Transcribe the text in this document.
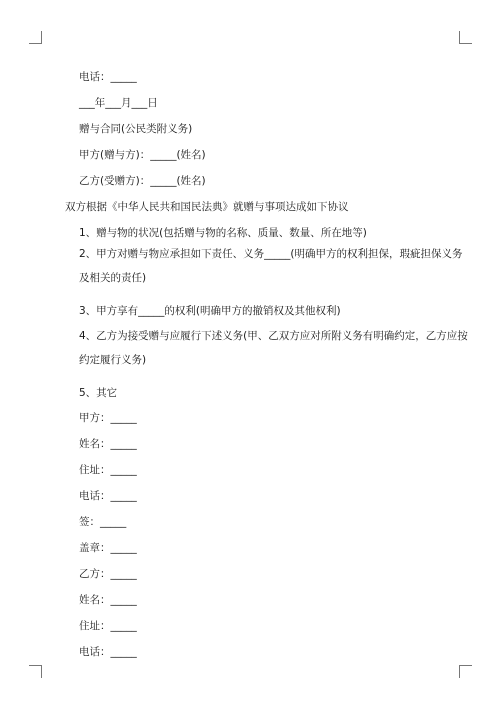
电话：_____
___年___月___日
赠与合同(公民类附义务)
甲方(赠与方)：_____(姓名)
乙方(受赠方)：_____(姓名)
双方根据《中华人民共和国民法典》就赠与事项达成如下协议
1、赠与物的状况(包括赠与物的名称、质量、数量、所在地等)
2、甲方对赠与物应承担如下责任、义务_____(明确甲方的权利担保，瑕疵担保义务及相关的责任)
3、甲方享有_____的权利(明确甲方的撤销权及其他权利)
4、乙方为接受赠与应履行下述义务(甲、乙双方应对所附义务有明确约定，乙方应按约定履行义务)
5、其它
甲方：_____
姓名：_____
住址：_____
电话：_____
签：_____
盖章：_____
乙方：_____
姓名：_____
住址：_____
电话：_____
